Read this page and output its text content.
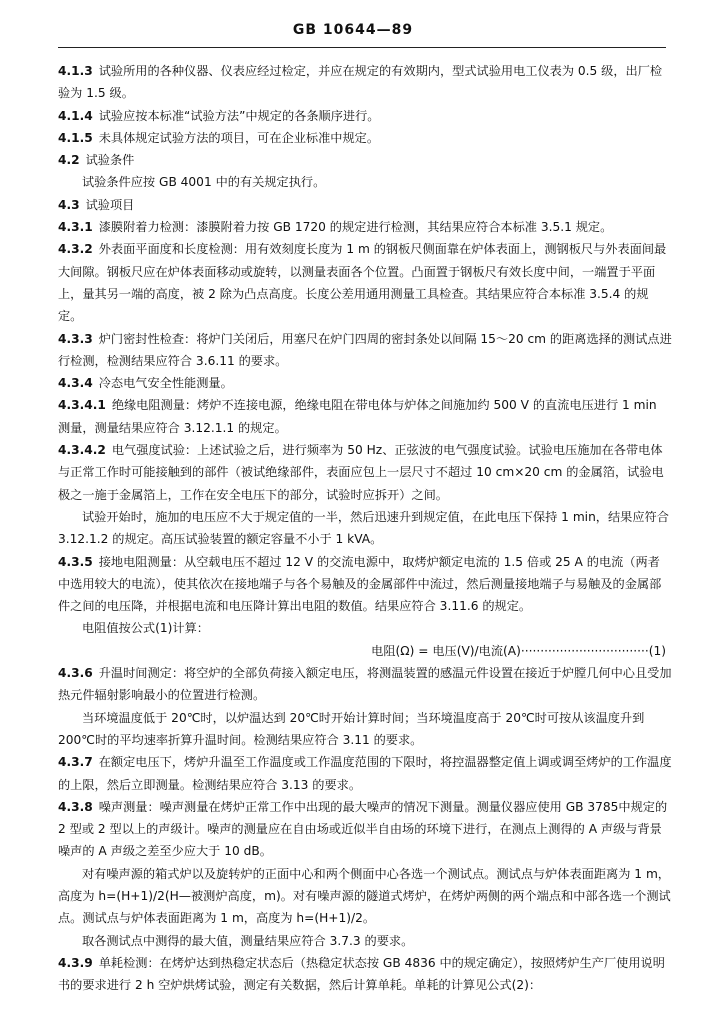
GB 10644—89

4.1.3 试验所用的各种仪器、仪表应经过检定，并应在规定的有效期内，型式试验用电工仪表为 0.5 级，出厂检验为 1.5 级。

4.1.4 试验应按本标准“试验方法”中规定的各条顺序进行。

4.1.5 未具体规定试验方法的项目，可在企业标准中规定。

4.2 试验条件

试验条件应按 GB 4001 中的有关规定执行。

4.3 试验项目

4.3.1 漆膜附着力检测：漆膜附着力按 GB 1720 的规定进行检测，其结果应符合本标准 3.5.1 规定。

4.3.2 外表面平面度和长度检测：用有效刻度长度为 1 m 的钢板尺侧面靠在炉体表面上，测钢板尺与外表面间最大间隙。钢板尺应在炉体表面移动或旋转，以测量表面各个位置。凸面置于钢板尺有效长度中间，一端置于平面上，量其另一端的高度，被 2 除为凸点高度。长度公差用通用测量工具检查。其结果应符合本标准 3.5.4 的规定。

4.3.3 炉门密封性检查：将炉门关闭后，用塞尺在炉门四周的密封条处以间隔 15～20 cm 的距离选择的测试点进行检测，检测结果应符合 3.6.11 的要求。

4.3.4 冷态电气安全性能测量。

4.3.4.1 绝缘电阻测量：烤炉不连接电源，绝缘电阻在带电体与炉体之间施加约 500 V 的直流电压进行 1 min 测量，测量结果应符合 3.12.1.1 的规定。

4.3.4.2 电气强度试验：上述试验之后，进行频率为 50 Hz、正弦波的电气强度试验。试验电压施加在各带电体与正常工作时可能接触到的部件（被试绝缘部件，表面应包上一层尺寸不超过 10 cm×20 cm 的金属箔，试验电极之一施于金属箔上，工作在安全电压下的部分，试验时应拆开）之间。

试验开始时，施加的电压应不大于规定值的一半，然后迅速升到规定值，在此电压下保持 1 min，结果应符合 3.12.1.2 的规定。高压试验装置的额定容量不小于 1 kVA。

4.3.5 接地电阻测量：从空载电压不超过 12 V 的交流电源中，取烤炉额定电流的 1.5 倍或 25 A 的电流（两者中选用较大的电流），使其依次在接地端子与各个易触及的金属部件中流过，然后测量接地端子与易触及的金属部件之间的电压降，并根据电流和电压降计算出电阻的数值。结果应符合 3.11.6 的规定。

电阻值按公式(1)计算：

电阻(Ω) = 电压(V)/电流(A)·································(1)

4.3.6 升温时间测定：将空炉的全部负荷接入额定电压，将测温装置的感温元件设置在接近于炉膛几何中心且受加热元件辐射影响最小的位置进行检测。

当环境温度低于 20℃时，以炉温达到 20℃时开始计算时间；当环境温度高于 20℃时可按从该温度升到 200℃时的平均速率折算升温时间。检测结果应符合 3.11 的要求。

4.3.7 在额定电压下，烤炉升温至工作温度或工作温度范围的下限时，将控温器整定值上调或调至烤炉的工作温度的上限，然后立即测量。检测结果应符合 3.13 的要求。

4.3.8 噪声测量：噪声测量在烤炉正常工作中出现的最大噪声的情况下测量。测量仪器应使用 GB 3785中规定的 2 型或 2 型以上的声级计。噪声的测量应在自由场或近似半自由场的环境下进行，在测点上测得的 A 声级与背景噪声的 A 声级之差至少应大于 10 dB。

对有噪声源的箱式炉以及旋转炉的正面中心和两个侧面中心各选一个测试点。测试点与炉体表面距离为 1 m，高度为 h=(H+1)/2(H—被测炉高度，m)。对有噪声源的隧道式烤炉，在烤炉两侧的两个端点和中部各选一个测试点。测试点与炉体表面距离为 1 m，高度为 h=(H+1)/2。

取各测试点中测得的最大值，测量结果应符合 3.7.3 的要求。

4.3.9 单耗检测：在烤炉达到热稳定状态后（热稳定状态按 GB 4836 中的规定确定），按照烤炉生产厂使用说明书的要求进行 2 h 空炉烘烤试验，测定有关数据，然后计算单耗。单耗的计算见公式(2)：
